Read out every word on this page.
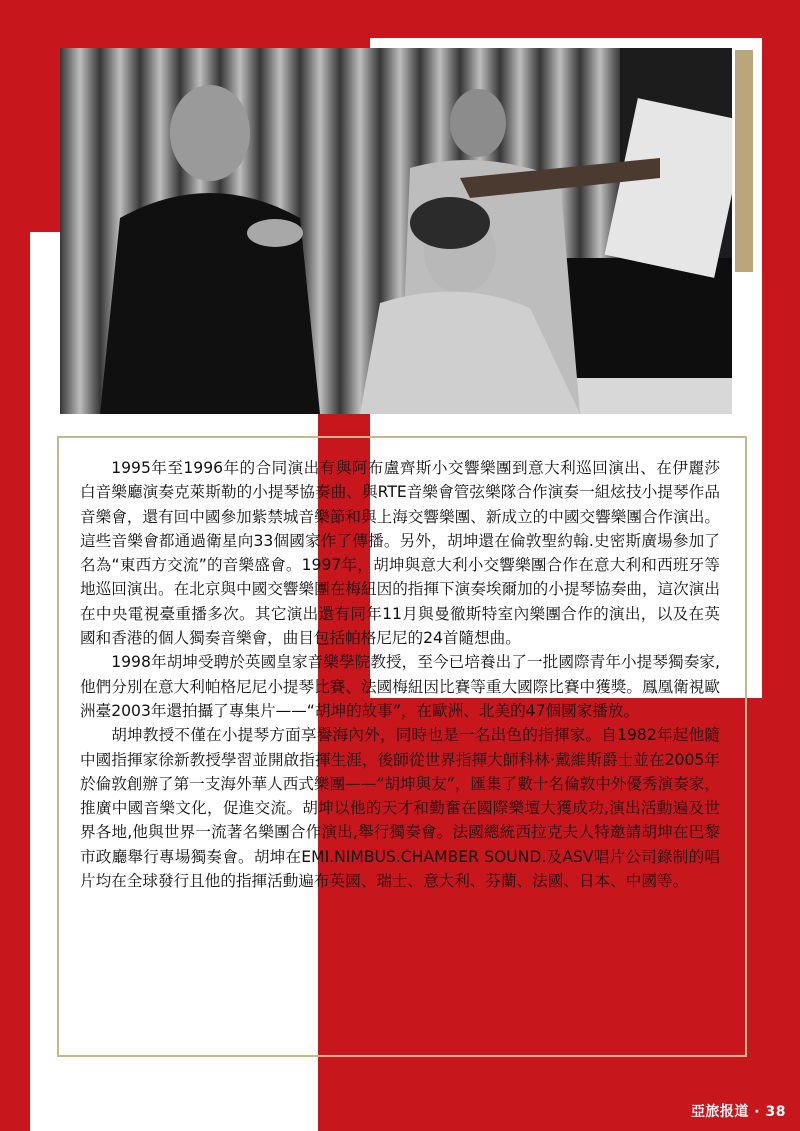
1995年至1996年的合同演出有與阿布盧齊斯小交響樂團到意大利巡回演出、在伊麗莎白音樂廳演奏克萊斯勒的小提琴協奏曲、與RTE音樂會管弦樂隊合作演奏一組炫技小提琴作品音樂會，還有回中國參加紫禁城音樂節和與上海交響樂團、新成立的中國交響樂團合作演出。這些音樂會都通過衛星向33個國家作了傳播。另外，胡坤還在倫敦聖約翰.史密斯廣場參加了名為“東西方交流”的音樂盛會。1997年，胡坤與意大利小交響樂團合作在意大利和西班牙等地巡回演出。在北京與中國交響樂團在梅紐因的指揮下演奏埃爾加的小提琴協奏曲，這次演出在中央電視臺重播多次。其它演出還有同年11月與曼徹斯特室內樂團合作的演出，以及在英國和香港的個人獨奏音樂會，曲目包括帕格尼尼的24首隨想曲。

1998年胡坤受聘於英國皇家音樂學院教授，至今已培養出了一批國際青年小提琴獨奏家,他們分別在意大利帕格尼尼小提琴比賽、法國梅紐因比賽等重大國際比賽中獲獎。鳳凰衛視歐洲臺2003年還拍攝了專集片——“胡坤的故事”，在歐洲、北美的47個國家播放。

胡坤教授不僅在小提琴方面享譽海內外，同時也是一名出色的指揮家。自1982年起他隨中國指揮家徐新教授學習並開啟指揮生涯，後師從世界指揮大師科林·戴維斯爵士並在2005年於倫敦創辦了第一支海外華人西式樂團——“胡坤與友”，匯集了數十名倫敦中外優秀演奏家，推廣中國音樂文化，促進交流。胡坤以他的天才和勤奮在國際樂壇大獲成功,演出活動遍及世界各地,他與世界一流著名樂團合作演出,舉行獨奏會。法國總統西拉克夫人特邀請胡坤在巴黎市政廳舉行專場獨奏會。胡坤在EMI.NIMBUS.CHAMBER SOUND.及ASV唱片公司錄制的唱片均在全球發行且他的指揮活動遍布英國、瑞士、意大利、芬蘭、法國、日本、中國等。

亞旅报道 · 38
